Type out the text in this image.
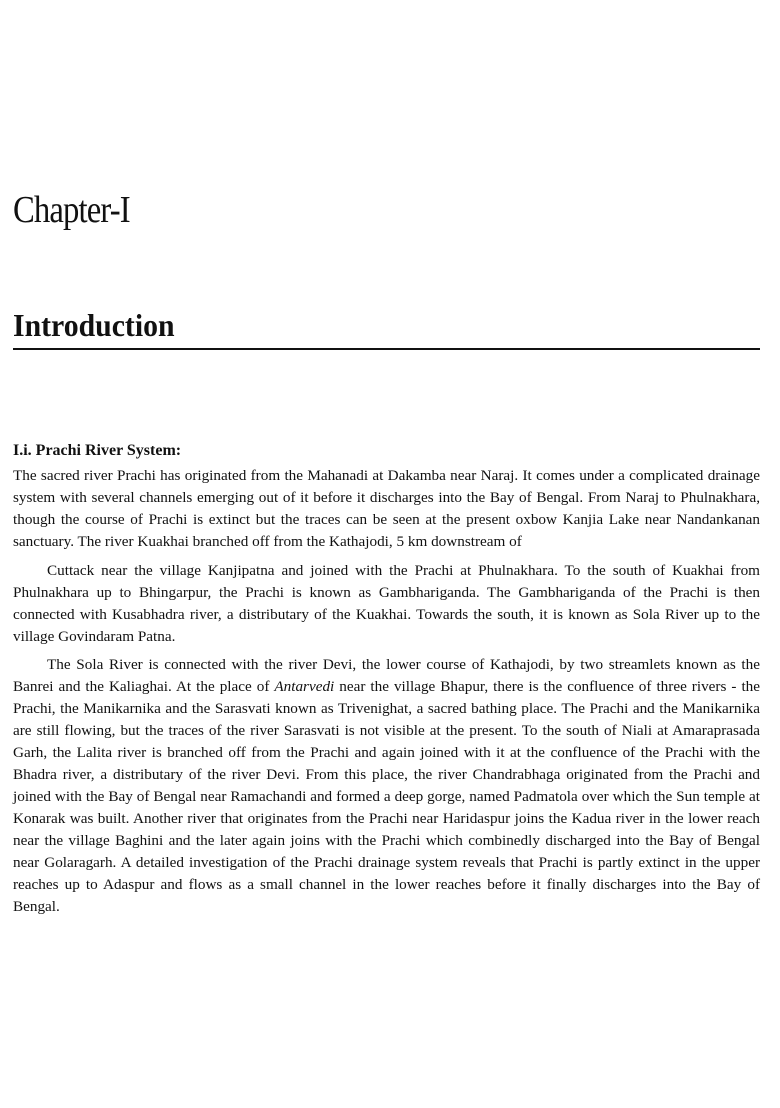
Chapter-I
Introduction
I.i. Prachi River System:

The sacred river Prachi has originated from the Mahanadi at Dakamba near Naraj. It comes under a complicated drainage system with several channels emerging out of it before it discharges into the Bay of Bengal. From Naraj to Phulnakhara, though the course of Prachi is extinct but the traces can be seen at the present oxbow Kanjia Lake near Nandankanan sanctuary. The river Kuakhai branched off from the Kathajodi, 5 km downstream of

Cuttack near the village Kanjipatna and joined with the Prachi at Phulnakhara. To the south of Kuakhai from Phulnakhara up to Bhingarpur, the Prachi is known as Gambhariganda. The Gambhariganda of the Prachi is then connected with Kusabhadra river, a distributary of the Kuakhai. Towards the south, it is known as Sola River up to the village Govindaram Patna.

The Sola River is connected with the river Devi, the lower course of Kathajodi, by two streamlets known as the Banrei and the Kaliaghai. At the place of Antarvedi near the village Bhapur, there is the confluence of three rivers - the Prachi, the Manikarnika and the Sarasvati known as Trivenighat, a sacred bathing place. The Prachi and the Manikarnika are still flowing, but the traces of the river Sarasvati is not visible at the present. To the south of Niali at Amaraprasada Garh, the Lalita river is branched off from the Prachi and again joined with it at the confluence of the Prachi with the Bhadra river, a distributary of the river Devi. From this place, the river Chandrabhaga originated from the Prachi and joined with the Bay of Bengal near Ramachandi and formed a deep gorge, named Padmatola over which the Sun temple at Konarak was built. Another river that originates from the Prachi near Haridaspur joins the Kadua river in the lower reach near the village Baghini and the later again joins with the Prachi which combinedly discharged into the Bay of Bengal near Golaragarh. A detailed investigation of the Prachi drainage system reveals that Prachi is partly extinct in the upper reaches up to Adaspur and flows as a small channel in the lower reaches before it finally discharges into the Bay of Bengal.
